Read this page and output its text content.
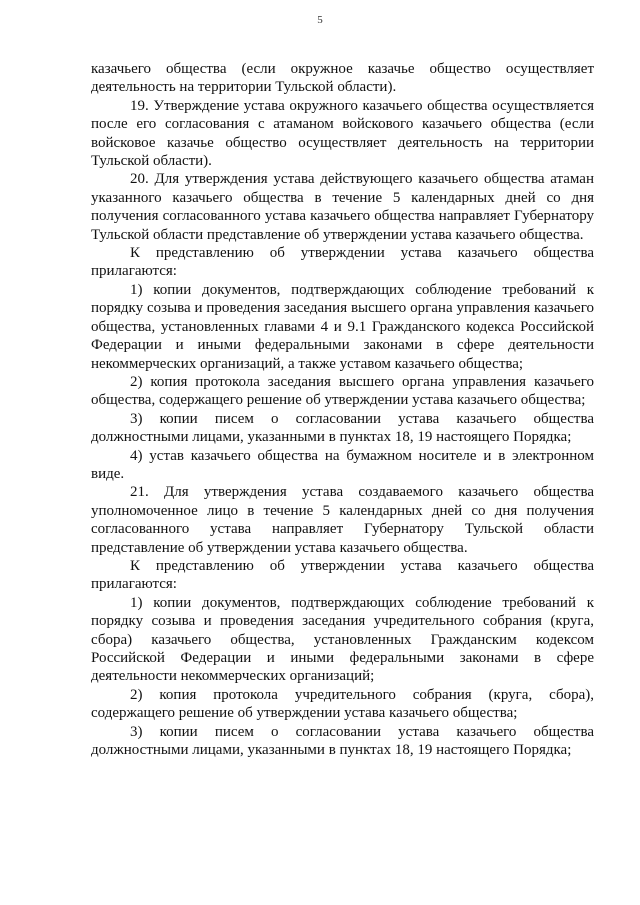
5

казачьего общества (если окружное казачье общество осуществляет деятельность на территории Тульской области).

19. Утверждение устава окружного казачьего общества осуществляется после его согласования с атаманом войскового казачьего общества (если войсковое казачье общество осуществляет деятельность на территории Тульской области).

20. Для утверждения устава действующего казачьего общества атаман указанного казачьего общества в течение 5 календарных дней со дня получения согласованного устава казачьего общества направляет Губернатору Тульской области представление об утверждении устава казачьего общества.

К представлению об утверждении устава казачьего общества прилагаются:

1) копии документов, подтверждающих соблюдение требований к порядку созыва и проведения заседания высшего органа управления казачьего общества, установленных главами 4 и 9.1 Гражданского кодекса Российской Федерации и иными федеральными законами в сфере деятельности некоммерческих организаций, а также уставом казачьего общества;

2) копия протокола заседания высшего органа управления казачьего общества, содержащего решение об утверждении устава казачьего общества;

3) копии писем о согласовании устава казачьего общества должностными лицами, указанными в пунктах 18, 19 настоящего Порядка;

4) устав казачьего общества на бумажном носителе и в электронном виде.

21. Для утверждения устава создаваемого казачьего общества уполномоченное лицо в течение 5 календарных дней со дня получения согласованного устава направляет Губернатору Тульской области представление об утверждении устава казачьего общества.

К представлению об утверждении устава казачьего общества прилагаются:

1) копии документов, подтверждающих соблюдение требований к порядку созыва и проведения заседания учредительного собрания (круга, сбора) казачьего общества, установленных Гражданским кодексом Российской Федерации и иными федеральными законами в сфере деятельности некоммерческих организаций;

2) копия протокола учредительного собрания (круга, сбора), содержащего решение об утверждении устава казачьего общества;

3) копии писем о согласовании устава казачьего общества должностными лицами, указанными в пунктах 18, 19 настоящего Порядка;
